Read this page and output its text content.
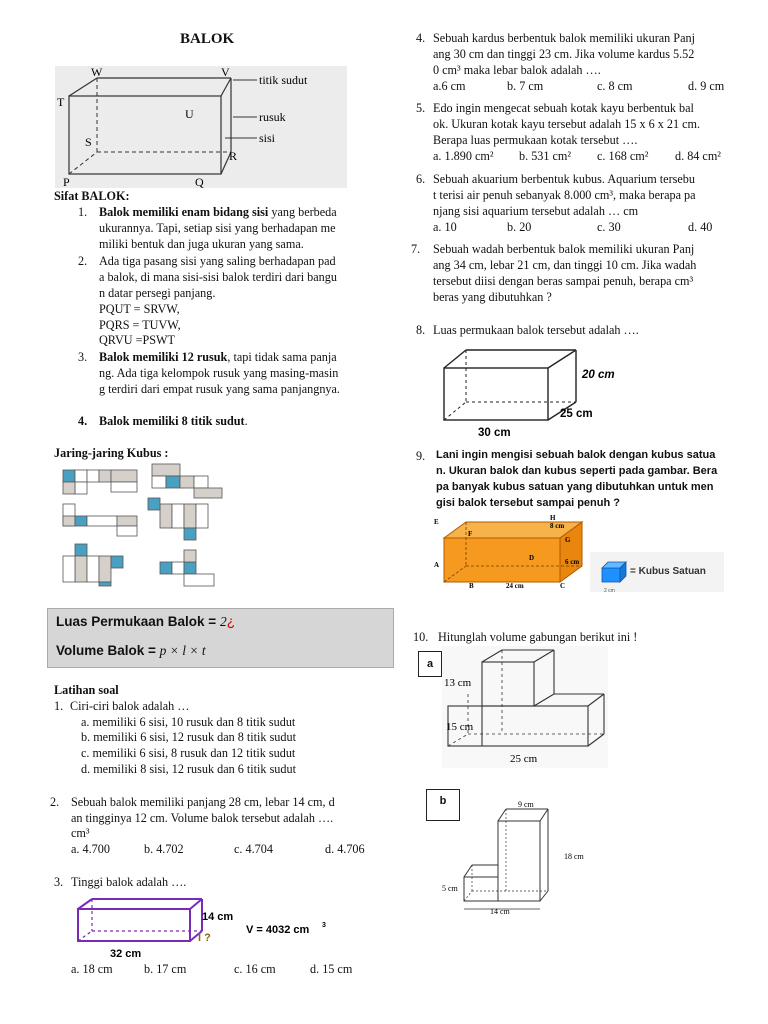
BALOK
W	V
T
U
S
P	Q
R
titik sudut
rusuk
sisi
Sifat BALOK:
1. Balok memiliki enam bidang sisi yang berbeda
ukurannya. Tapi, setiap sisi yang berhadapan me
miliki bentuk dan juga ukuran yang sama.
2. Ada tiga pasang sisi yang saling berhadapan pad
a balok, di mana sisi-sisi balok terdiri dari bangu
n datar persegi panjang.
PQUT = SRVW,
PQRS = TUVW,
QRVU =PSWT
3. Balok memiliki 12 rusuk, tapi tidak sama panja
ng. Ada tiga kelompok rusuk yang masing-masin
g terdiri dari empat rusuk yang sama panjangnya.
4. Balok memiliki 8 titik sudut.
Jaring-jaring Kubus :
Luas Permukaan Balok = 2¿
Volume Balok = p × l × t
Latihan soal
1. Ciri-ciri balok adalah …
a. memiliki 6 sisi, 10 rusuk dan 8 titik sudut
b. memiliki 6 sisi, 12 rusuk dan 8 titik sudut
c. memiliki 6 sisi, 8 rusuk dan 12 titik sudut
d. memiliki 8 sisi, 12 rusuk dan 6 titik sudut
2. Sebuah balok memiliki panjang 28 cm, lebar 14 cm, d
an tingginya 12 cm. Volume balok tersebut adalah ….
cm³
a. 4.700	b. 4.702	c. 4.704	d. 4.706
3. Tinggi balok adalah ….
14 cm
l ?
V = 4032 cm 3
32 cm
a. 18 cm	b. 17 cm	c. 16 cm	d. 15 cm
4. Sebuah kardus berbentuk balok memiliki ukuran Panj
ang 30 cm dan tinggi 23 cm. Jika volume kardus 5.52
0 cm³ maka lebar balok adalah ….
a.6 cm	b. 7 cm	c. 8 cm	d. 9 cm
5. Edo ingin mengecat sebuah kotak kayu berbentuk bal
ok. Ukuran kotak kayu tersebut adalah 15 x 6 x 21 cm.
Berapa luas permukaan kotak tersebut ….
a. 1.890 cm² b. 531 cm² c. 168 cm² d. 84 cm²
6. Sebuah akuarium berbentuk kubus. Aquarium tersebu
t terisi air penuh sebanyak 8.000 cm³, maka berapa pa
njang sisi aquarium tersebut adalah … cm
a. 10	b. 20	c. 30	d. 40
7. Sebuah wadah berbentuk balok memiliki ukuran Panj
ang 34 cm, lebar 21 cm, dan tinggi 10 cm. Jika wadah
tersebut diisi dengan beras sampai penuh, berapa cm³
beras yang dibutuhkan ?
8. Luas permukaan balok tersebut adalah ….
20 cm
25 cm
30 cm
9. Lani ingin mengisi sebuah balok dengan kubus satua
n. Ukuran balok dan kubus seperti pada gambar. Bera
pa banyak kubus satuan yang dibutuhkan untuk men
gisi balok tersebut sampai penuh ?
E
F
H
G
D
A
B	C
8 cm
6 cm
24 cm
= Kubus Satuan
2 cm
10. Hitunglah volume gabungan berikut ini !
a
13 cm
15 cm
25 cm
b	9 cm
18 cm
5 cm
14 cm
